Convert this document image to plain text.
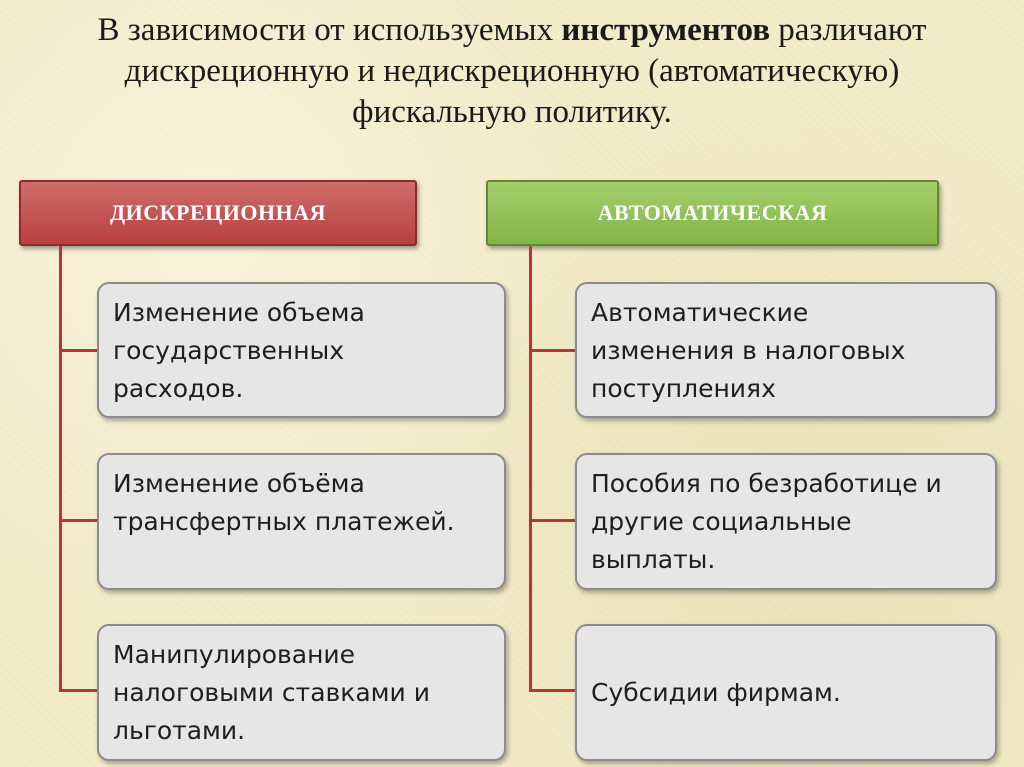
В зависимости от используемых инструментов различают дискреционную и недискреционную (автоматическую) фискальную политику.
ДИСКРЕЦИОННАЯ	АВТОМАТИЧЕСКАЯ
Изменение объема
государственных
расходов.
Изменение объёма
трансфертных платежей.
Манипулирование
налоговыми ставками и
льготами.
Автоматические
изменения в налоговых
поступлениях
Пособия по безработице и
другие социальные
выплаты.
Субсидии фирмам.
